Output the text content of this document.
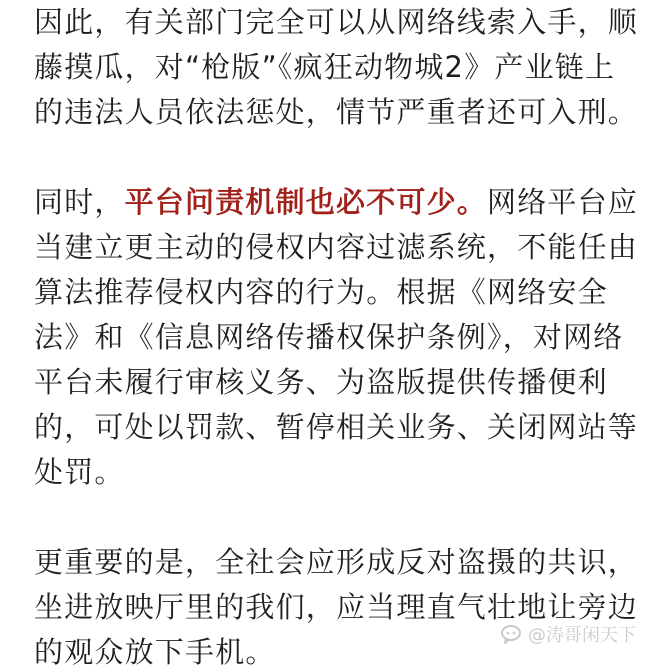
因此，有关部门完全可以从网络线索入手，顺
藤摸瓜，对“枪版”《疯狂动物城2》产业链上
的违法人员依法惩处，情节严重者还可入刑。
同时，平台问责机制也必不可少。网络平台应
当建立更主动的侵权内容过滤系统，不能任由
算法推荐侵权内容的行为。根据《网络安全
法》和《信息网络传播权保护条例》，对网络
平台未履行审核义务、为盗版提供传播便利
的，可处以罚款、暂停相关业务、关闭网站等
处罚。
更重要的是，全社会应形成反对盗摄的共识，
坐进放映厅里的我们，应当理直气壮地让旁边
的观众放下手机。	@涛哥闲天下
